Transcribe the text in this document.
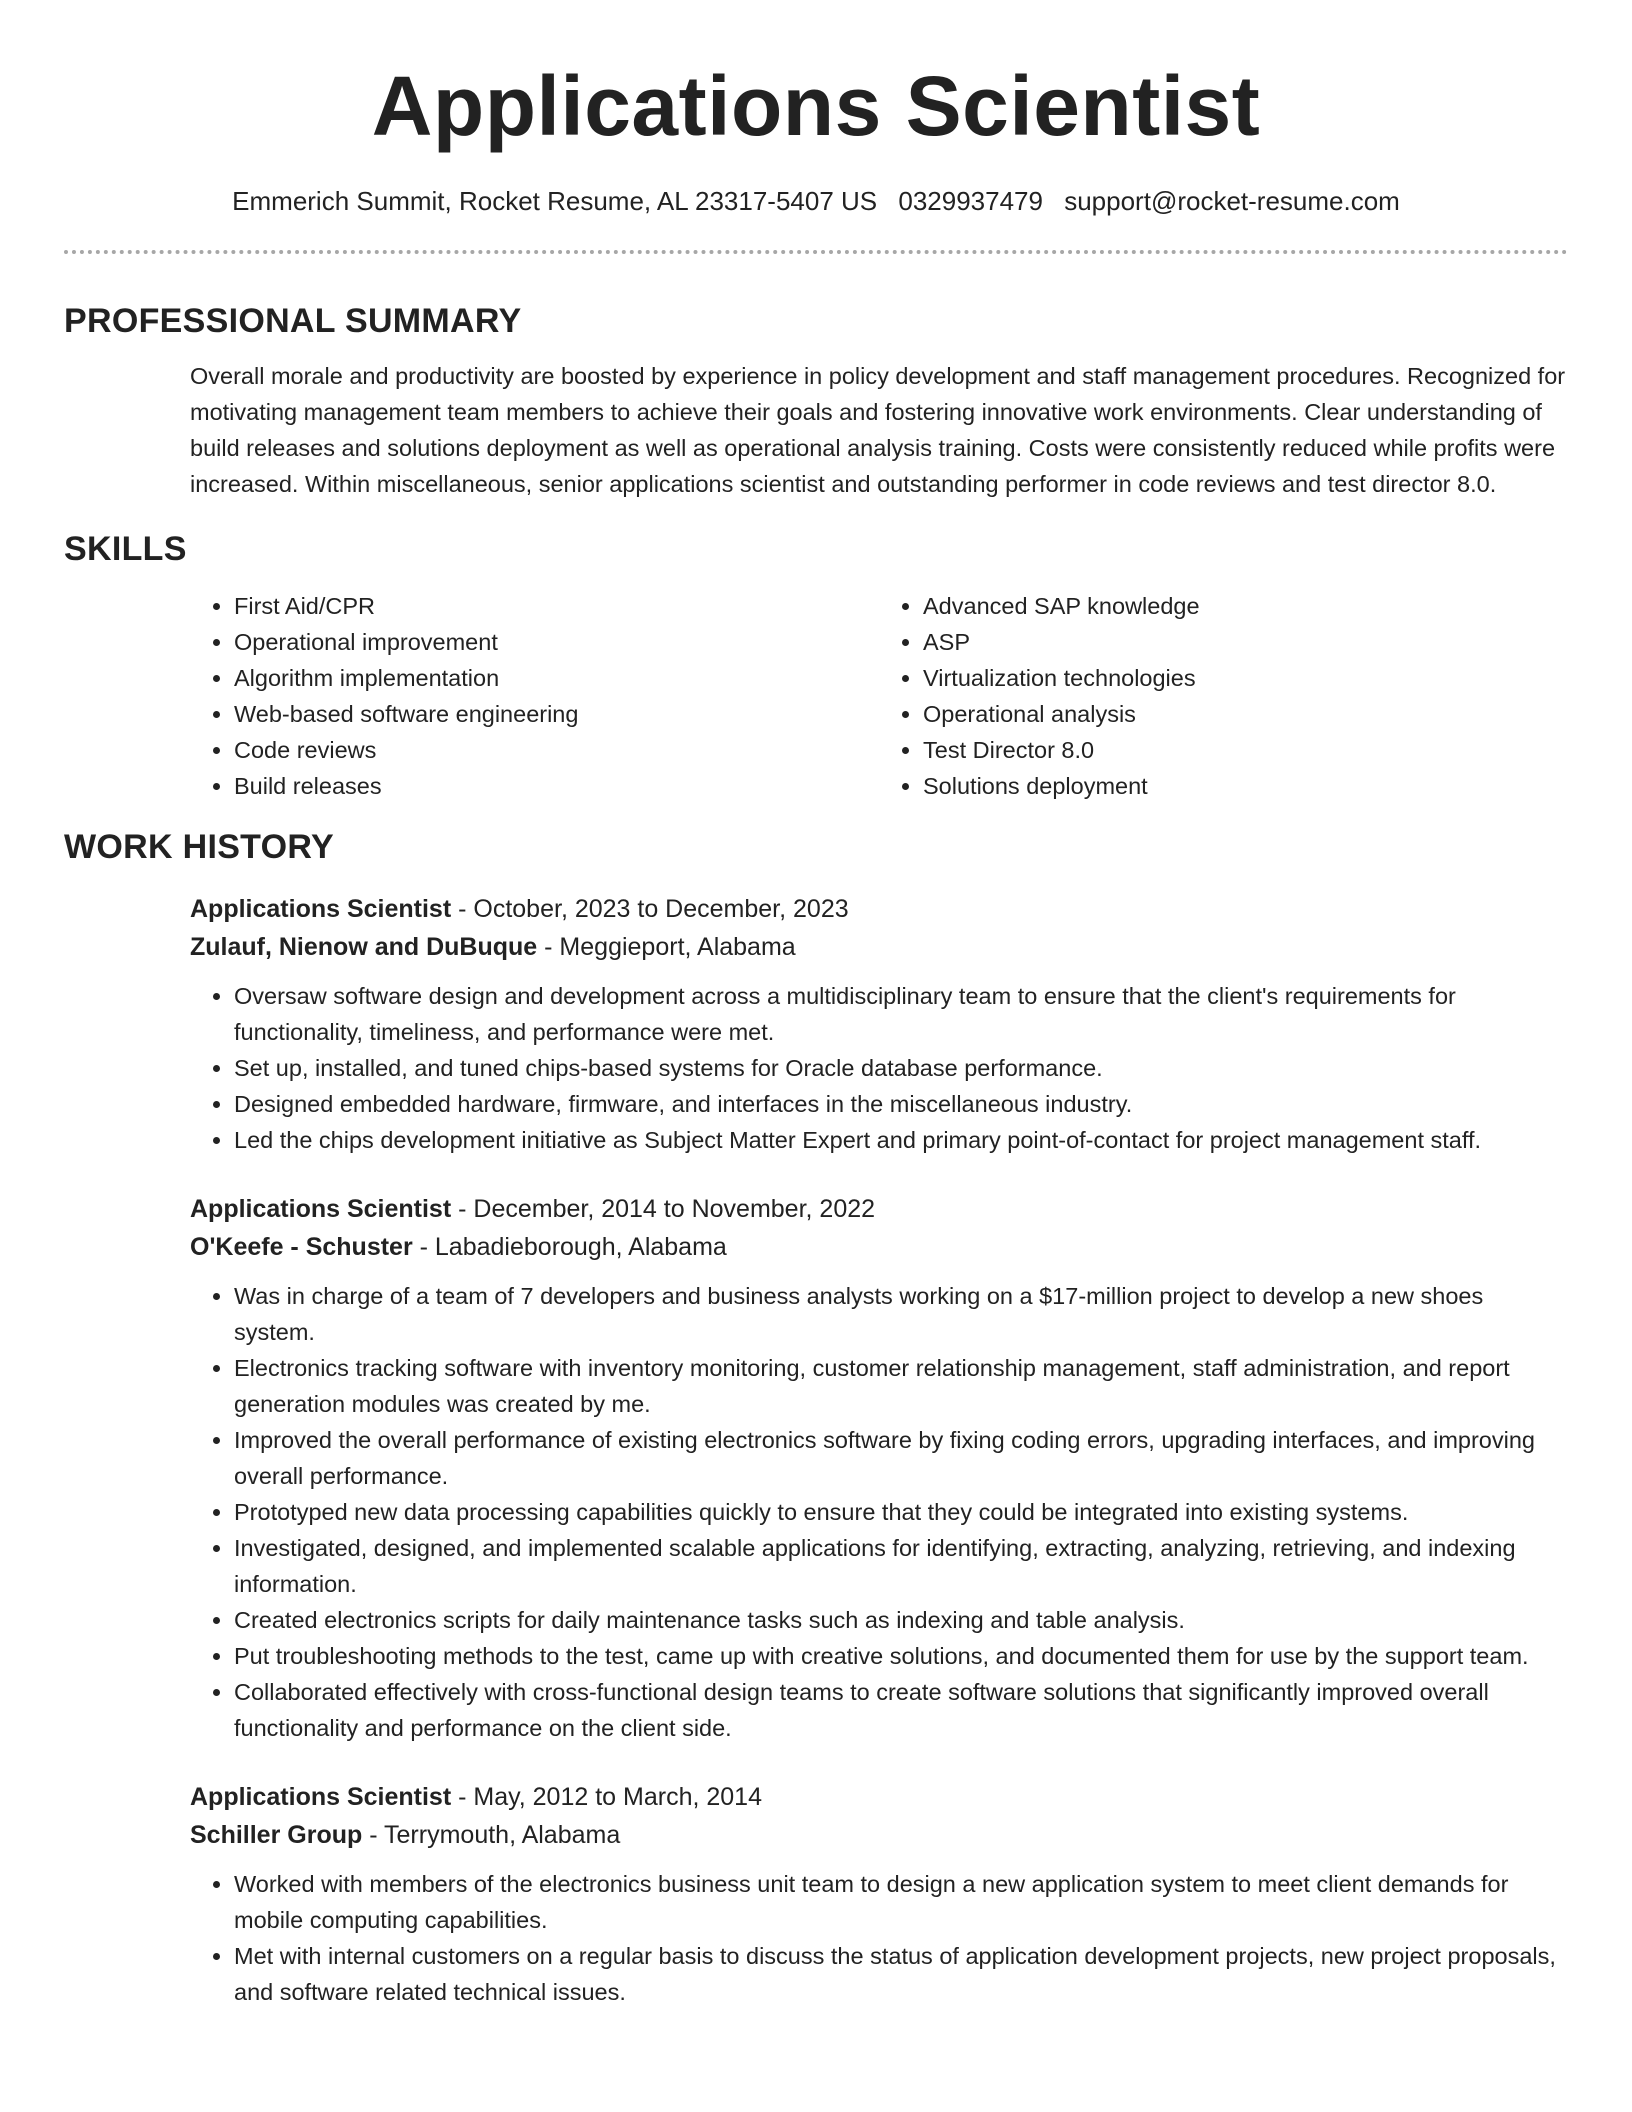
Applications Scientist
Emmerich Summit, Rocket Resume, AL 23317-5407 US 0329937479 support@rocket-resume.com
PROFESSIONAL SUMMARY
Overall morale and productivity are boosted by experience in policy development and staff management procedures. Recognized for motivating management team members to achieve their goals and fostering innovative work environments. Clear understanding of build releases and solutions deployment as well as operational analysis training. Costs were consistently reduced while profits were increased. Within miscellaneous, senior applications scientist and outstanding performer in code reviews and test director 8.0.
SKILLS
• First Aid/CPR
• Operational improvement
• Algorithm implementation
• Web-based software engineering
• Code reviews
• Build releases
• Advanced SAP knowledge
• ASP
• Virtualization technologies
• Operational analysis
• Test Director 8.0
• Solutions deployment
WORK HISTORY
Applications Scientist - October, 2023 to December, 2023
Zulauf, Nienow and DuBuque - Meggieport, Alabama
• Oversaw software design and development across a multidisciplinary team to ensure that the client's requirements for functionality, timeliness, and performance were met.
• Set up, installed, and tuned chips-based systems for Oracle database performance.
• Designed embedded hardware, firmware, and interfaces in the miscellaneous industry.
• Led the chips development initiative as Subject Matter Expert and primary point-of-contact for project management staff.
Applications Scientist - December, 2014 to November, 2022
O'Keefe - Schuster - Labadieborough, Alabama
• Was in charge of a team of 7 developers and business analysts working on a $17-million project to develop a new shoes system.
• Electronics tracking software with inventory monitoring, customer relationship management, staff administration, and report generation modules was created by me.
• Improved the overall performance of existing electronics software by fixing coding errors, upgrading interfaces, and improving overall performance.
• Prototyped new data processing capabilities quickly to ensure that they could be integrated into existing systems.
• Investigated, designed, and implemented scalable applications for identifying, extracting, analyzing, retrieving, and indexing information.
• Created electronics scripts for daily maintenance tasks such as indexing and table analysis.
• Put troubleshooting methods to the test, came up with creative solutions, and documented them for use by the support team.
• Collaborated effectively with cross-functional design teams to create software solutions that significantly improved overall functionality and performance on the client side.
Applications Scientist - May, 2012 to March, 2014
Schiller Group - Terrymouth, Alabama
• Worked with members of the electronics business unit team to design a new application system to meet client demands for mobile computing capabilities.
• Met with internal customers on a regular basis to discuss the status of application development projects, new project proposals, and software related technical issues.
